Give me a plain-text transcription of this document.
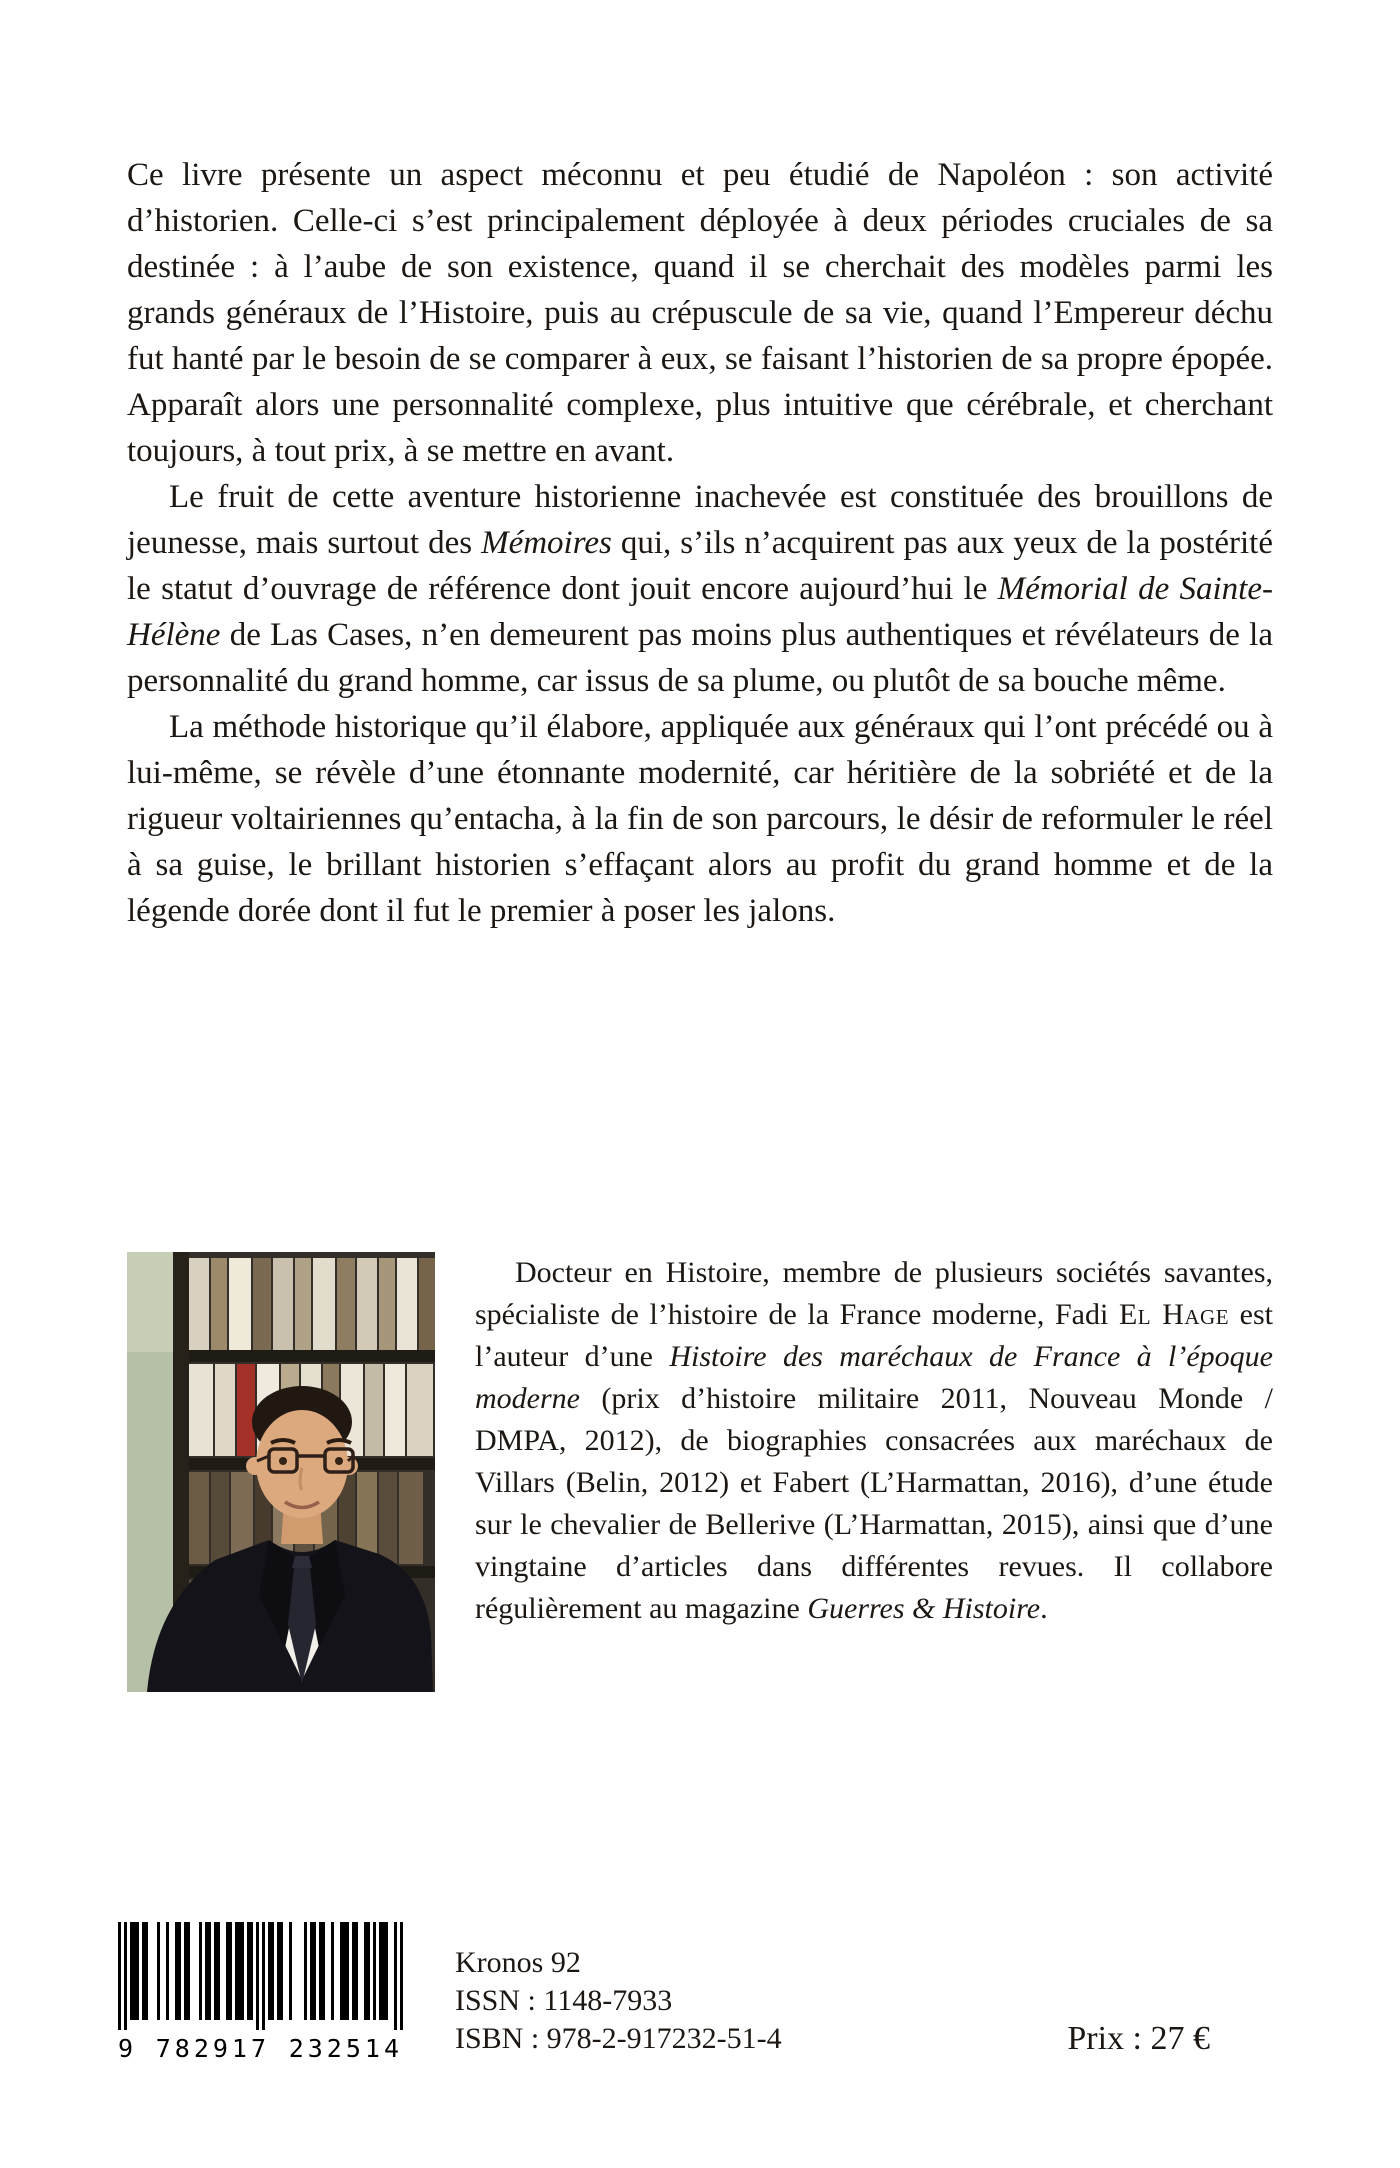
Ce livre présente un aspect méconnu et peu étudié de Napoléon : son activité d’historien. Celle-ci s’est principalement déployée à deux périodes cruciales de sa destinée : à l’aube de son existence, quand il se cherchait des modèles parmi les grands généraux de l’Histoire, puis au crépuscule de sa vie, quand l’Empereur déchu fut hanté par le besoin de se comparer à eux, se faisant l’historien de sa propre épopée. Apparaît alors une personnalité complexe, plus intuitive que cérébrale, et cherchant toujours, à tout prix, à se mettre en avant.

Le fruit de cette aventure historienne inachevée est constituée des brouillons de jeunesse, mais surtout des Mémoires qui, s’ils n’acquirent pas aux yeux de la postérité le statut d’ouvrage de référence dont jouit encore aujourd’hui le Mémorial de Sainte-Hélène de Las Cases, n’en demeurent pas moins plus authentiques et révélateurs de la personnalité du grand homme, car issus de sa plume, ou plutôt de sa bouche même.

La méthode historique qu’il élabore, appliquée aux généraux qui l’ont précédé ou à lui-même, se révèle d’une étonnante modernité, car héritière de la sobriété et de la rigueur voltairiennes qu’entacha, à la fin de son parcours, le désir de reformuler le réel à sa guise, le brillant historien s’effaçant alors au profit du grand homme et de la légende dorée dont il fut le premier à poser les jalons.

Docteur en Histoire, membre de plusieurs sociétés savantes, spécialiste de l’histoire de la France moderne, Fadi El Hage est l’auteur d’une Histoire des maréchaux de France à l’époque moderne (prix d’histoire militaire 2011, Nouveau Monde / DMPA, 2012), de biographies consacrées aux maréchaux de Villars (Belin, 2012) et Fabert (L’Harmattan, 2016), d’une étude sur le chevalier de Bellerive (L’Harmattan, 2015), ainsi que d’une vingtaine d’articles dans différentes revues. Il collabore régulièrement au magazine Guerres & Histoire.

9 782917 232514
Kronos 92
ISSN : 1148-7933
ISBN : 978-2-917232-51-4	Prix : 27 €
